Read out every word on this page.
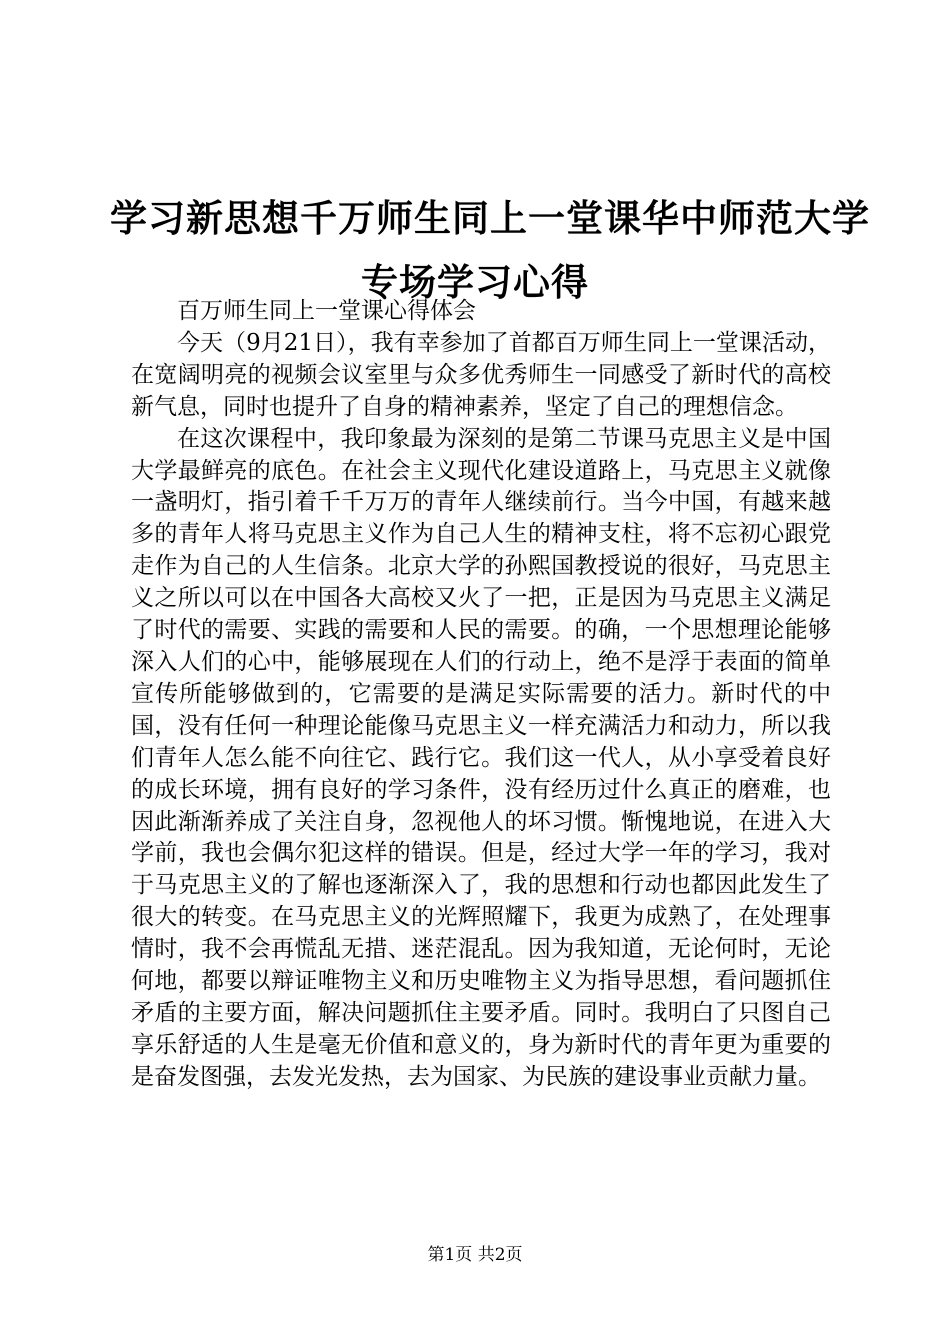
学习新思想千万师生同上一堂课华中师范大学
专场学习心得

百万师生同上一堂课心得体会

今天（9月21日），我有幸参加了首都百万师生同上一堂课活动，在宽阔明亮的视频会议室里与众多优秀师生一同感受了新时代的高校新气息，同时也提升了自身的精神素养，坚定了自己的理想信念。

在这次课程中，我印象最为深刻的是第二节课马克思主义是中国大学最鲜亮的底色。在社会主义现代化建设道路上，马克思主义就像一盏明灯，指引着千千万万的青年人继续前行。当今中国，有越来越多的青年人将马克思主义作为自己人生的精神支柱，将不忘初心跟党走作为自己的人生信条。北京大学的孙熙国教授说的很好，马克思主义之所以可以在中国各大高校又火了一把，正是因为马克思主义满足了时代的需要、实践的需要和人民的需要。的确，一个思想理论能够深入人们的心中，能够展现在人们的行动上，绝不是浮于表面的简单宣传所能够做到的，它需要的是满足实际需要的活力。新时代的中国，没有任何一种理论能像马克思主义一样充满活力和动力，所以我们青年人怎么能不向往它、践行它。我们这一代人，从小享受着良好的成长环境，拥有良好的学习条件，没有经历过什么真正的磨难，也因此渐渐养成了关注自身，忽视他人的坏习惯。惭愧地说，在进入大学前，我也会偶尔犯这样的错误。但是，经过大学一年的学习，我对于马克思主义的了解也逐渐深入了，我的思想和行动也都因此发生了很大的转变。在马克思主义的光辉照耀下，我更为成熟了，在处理事情时，我不会再慌乱无措、迷茫混乱。因为我知道，无论何时，无论何地，都要以辩证唯物主义和历史唯物主义为指导思想，看问题抓住矛盾的主要方面，解决问题抓住主要矛盾。同时。我明白了只图自己享乐舒适的人生是毫无价值和意义的，身为新时代的青年更为重要的是奋发图强，去发光发热，去为国家、为民族的建设事业贡献力量。

第1页 共2页
